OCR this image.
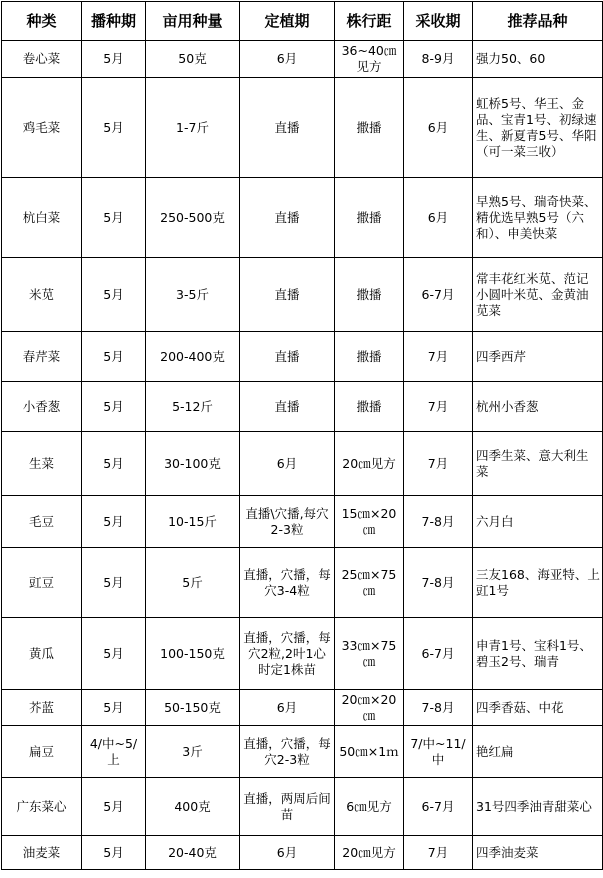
种类	播种期	亩用种量	定植期	株行距	采收期	推荐品种
卷心菜	5月	50克	6月	36~40㎝见方	8-9月	强力50、60
鸡毛菜	5月	1-7斤	直播	撒播	6月	虹桥5号、华王、金品、宝青1号、初绿速生、新夏青5号、华阳（可一菜三收）
杭白菜	5月	250-500克	直播	撒播	6月	早熟5号、瑞奇快菜、精优选早熟5号（六和）、申美快菜
米苋	5月	3-5斤	直播	撒播	6-7月	常丰花红米苋、范记小圆叶米苋、金黄油苋菜
春芹菜	5月	200-400克	直播	撒播	7月	四季西芹
小香葱	5月	5-12斤	直播	撒播	7月	杭州小香葱
生菜	5月	30-100克	6月	20㎝见方	7月	四季生菜、意大利生菜
毛豆	5月	10-15斤	直播\穴播,每穴2-3粒	15㎝×20㎝	7-8月	六月白
豇豆	5月	5斤	直播，穴播，每穴3-4粒	25㎝×75㎝	7-8月	三友168、海亚特、上豇1号
黄瓜	5月	100-150克	直播，穴播，每穴2粒,2叶1心时定1株苗	33㎝×75㎝	6-7月	申青1号、宝科1号、碧玉2号、瑞青
芥蓝	5月	50-150克	6月	20㎝×20㎝	7-8月	四季香菇、中花
扁豆	4/中~5/上	3斤	直播，穴播，每穴2-3粒	50㎝×1ｍ	7/中~11/中	艳红扁
广东菜心	5月	400克	直播，两周后间苗	6㎝见方	6-7月	31号四季油青甜菜心
油麦菜	5月	20-40克	6月	20㎝见方	7月	四季油麦菜
